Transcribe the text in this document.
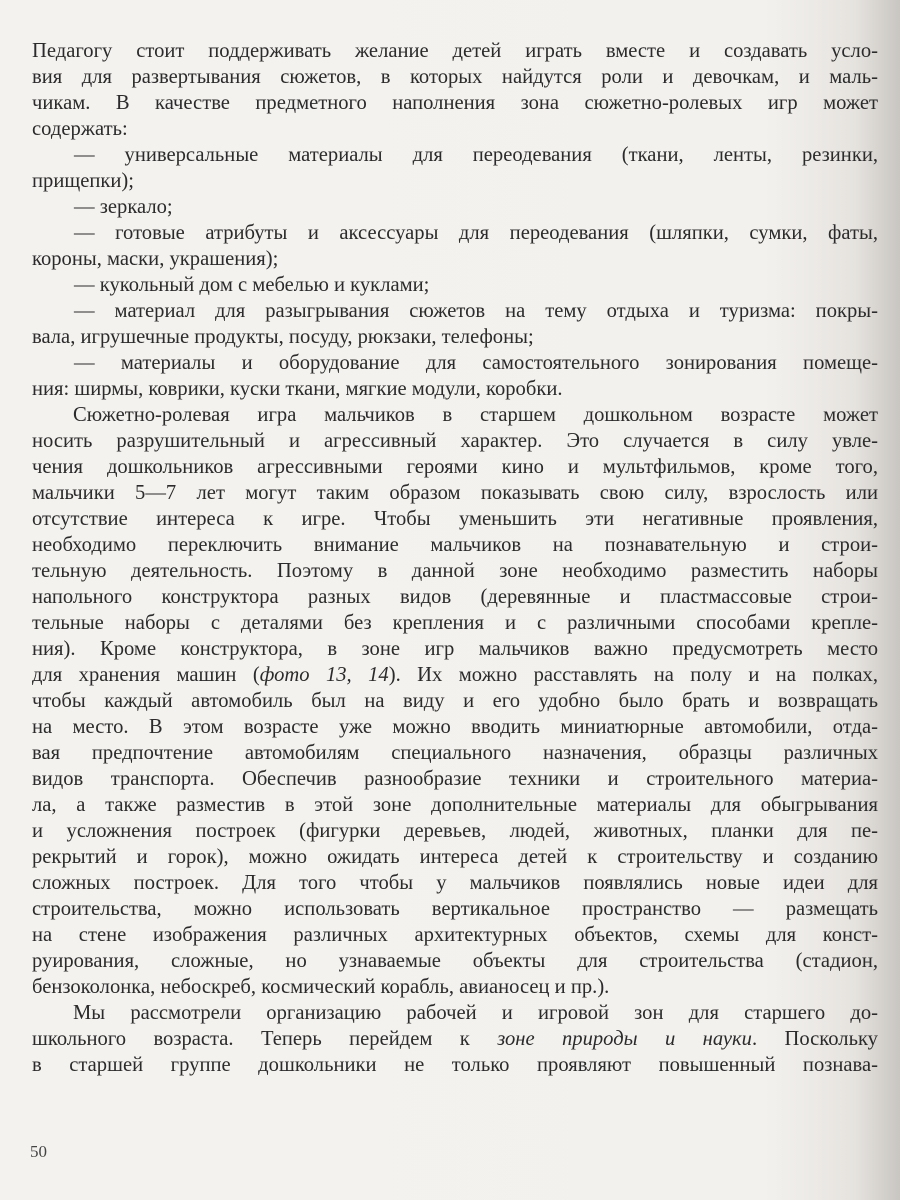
Педагогу стоит поддерживать желание детей играть вместе и создавать усло-
вия для развертывания сюжетов, в которых найдутся роли и девочкам, и маль-
чикам. В качестве предметного наполнения зона сюжетно-ролевых игр может
содержать:
— универсальные материалы для переодевания (ткани, ленты, резинки,
прищепки);
— зеркало;
— готовые атрибуты и аксессуары для переодевания (шляпки, сумки, фаты,
короны, маски, украшения);
— кукольный дом с мебелью и куклами;
— материал для разыгрывания сюжетов на тему отдыха и туризма: покры-
вала, игрушечные продукты, посуду, рюкзаки, телефоны;
— материалы и оборудование для самостоятельного зонирования помеще-
ния: ширмы, коврики, куски ткани, мягкие модули, коробки.
Сюжетно-ролевая игра мальчиков в старшем дошкольном возрасте может
носить разрушительный и агрессивный характер. Это случается в силу увле-
чения дошкольников агрессивными героями кино и мультфильмов, кроме того,
мальчики 5—7 лет могут таким образом показывать свою силу, взрослость или
отсутствие интереса к игре. Чтобы уменьшить эти негативные проявления,
необходимо переключить внимание мальчиков на познавательную и строи-
тельную деятельность. Поэтому в данной зоне необходимо разместить наборы
напольного конструктора разных видов (деревянные и пластмассовые строи-
тельные наборы с деталями без крепления и с различными способами крепле-
ния). Кроме конструктора, в зоне игр мальчиков важно предусмотреть место
для хранения машин (фото 13, 14). Их можно расставлять на полу и на полках,
чтобы каждый автомобиль был на виду и его удобно было брать и возвращать
на место. В этом возрасте уже можно вводить миниатюрные автомобили, отда-
вая предпочтение автомобилям специального назначения, образцы различных
видов транспорта. Обеспечив разнообразие техники и строительного материа-
ла, а также разместив в этой зоне дополнительные материалы для обыгрывания
и усложнения построек (фигурки деревьев, людей, животных, планки для пе-
рекрытий и горок), можно ожидать интереса детей к строительству и созданию
сложных построек. Для того чтобы у мальчиков появлялись новые идеи для
строительства, можно использовать вертикальное пространство — размещать
на стене изображения различных архитектурных объектов, схемы для конст-
руирования, сложные, но узнаваемые объекты для строительства (стадион,
бензоколонка, небоскреб, космический корабль, авианосец и пр.).
Мы рассмотрели организацию рабочей и игровой зон для старшего до-
школьного возраста. Теперь перейдем к зоне природы и науки. Поскольку
в старшей группе дошкольники не только проявляют повышенный познава-
50
